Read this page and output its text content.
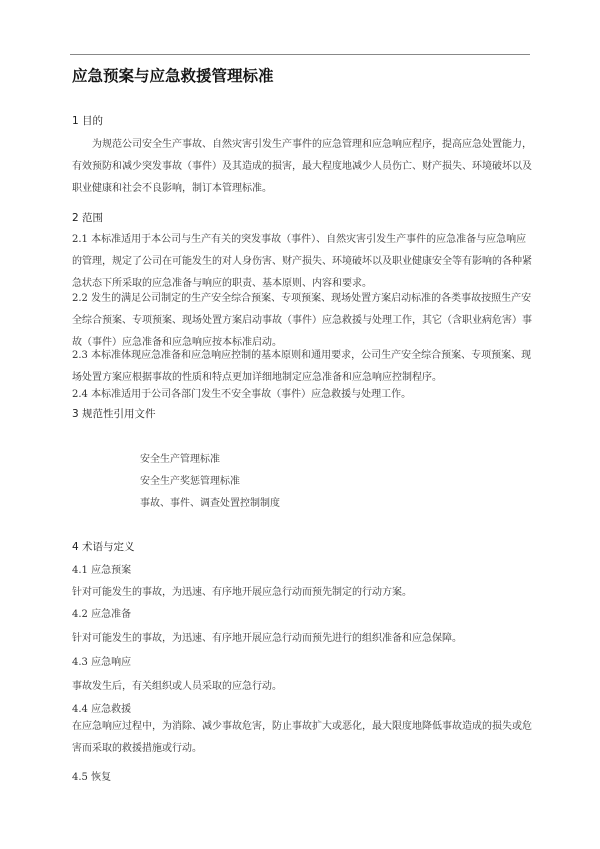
应急预案与应急救援管理标准
1 目的
为规范公司安全生产事故、自然灾害引发生产事件的应急管理和应急响应程序，提高应急处置能力，有效预防和减少突发事故（事件）及其造成的损害，最大程度地减少人员伤亡、财产损失、环境破坏以及职业健康和社会不良影响，制订本管理标准。
2 范围
2.1 本标准适用于本公司与生产有关的突发事故（事件）、自然灾害引发生产事件的应急准备与应急响应的管理，规定了公司在可能发生的对人身伤害、财产损失、环境破坏以及职业健康安全等有影响的各种紧急状态下所采取的应急准备与响应的职责、基本原则、内容和要求。
2.2 发生的满足公司制定的生产安全综合预案、专项预案、现场处置方案启动标准的各类事故按照生产安全综合预案、专项预案、现场处置方案启动事故（事件）应急救援与处理工作，其它（含职业病危害）事故（事件）应急准备和应急响应按本标准启动。
2.3 本标准体现应急准备和应急响应控制的基本原则和通用要求，公司生产安全综合预案、专项预案、现场处置方案应根据事故的性质和特点更加详细地制定应急准备和应急响应控制程序。
2.4 本标准适用于公司各部门发生不安全事故（事件）应急救援与处理工作。
3 规范性引用文件
安全生产管理标准
安全生产奖惩管理标准
事故、事件、调查处置控制制度
4 术语与定义
4.1 应急预案
针对可能发生的事故，为迅速、有序地开展应急行动而预先制定的行动方案。
4.2 应急准备
针对可能发生的事故，为迅速、有序地开展应急行动而预先进行的组织准备和应急保障。
4.3 应急响应
事故发生后，有关组织或人员采取的应急行动。
4.4 应急救援
在应急响应过程中，为消除、减少事故危害，防止事故扩大或恶化，最大限度地降低事故造成的损失或危害而采取的救援措施或行动。
4.5 恢复
